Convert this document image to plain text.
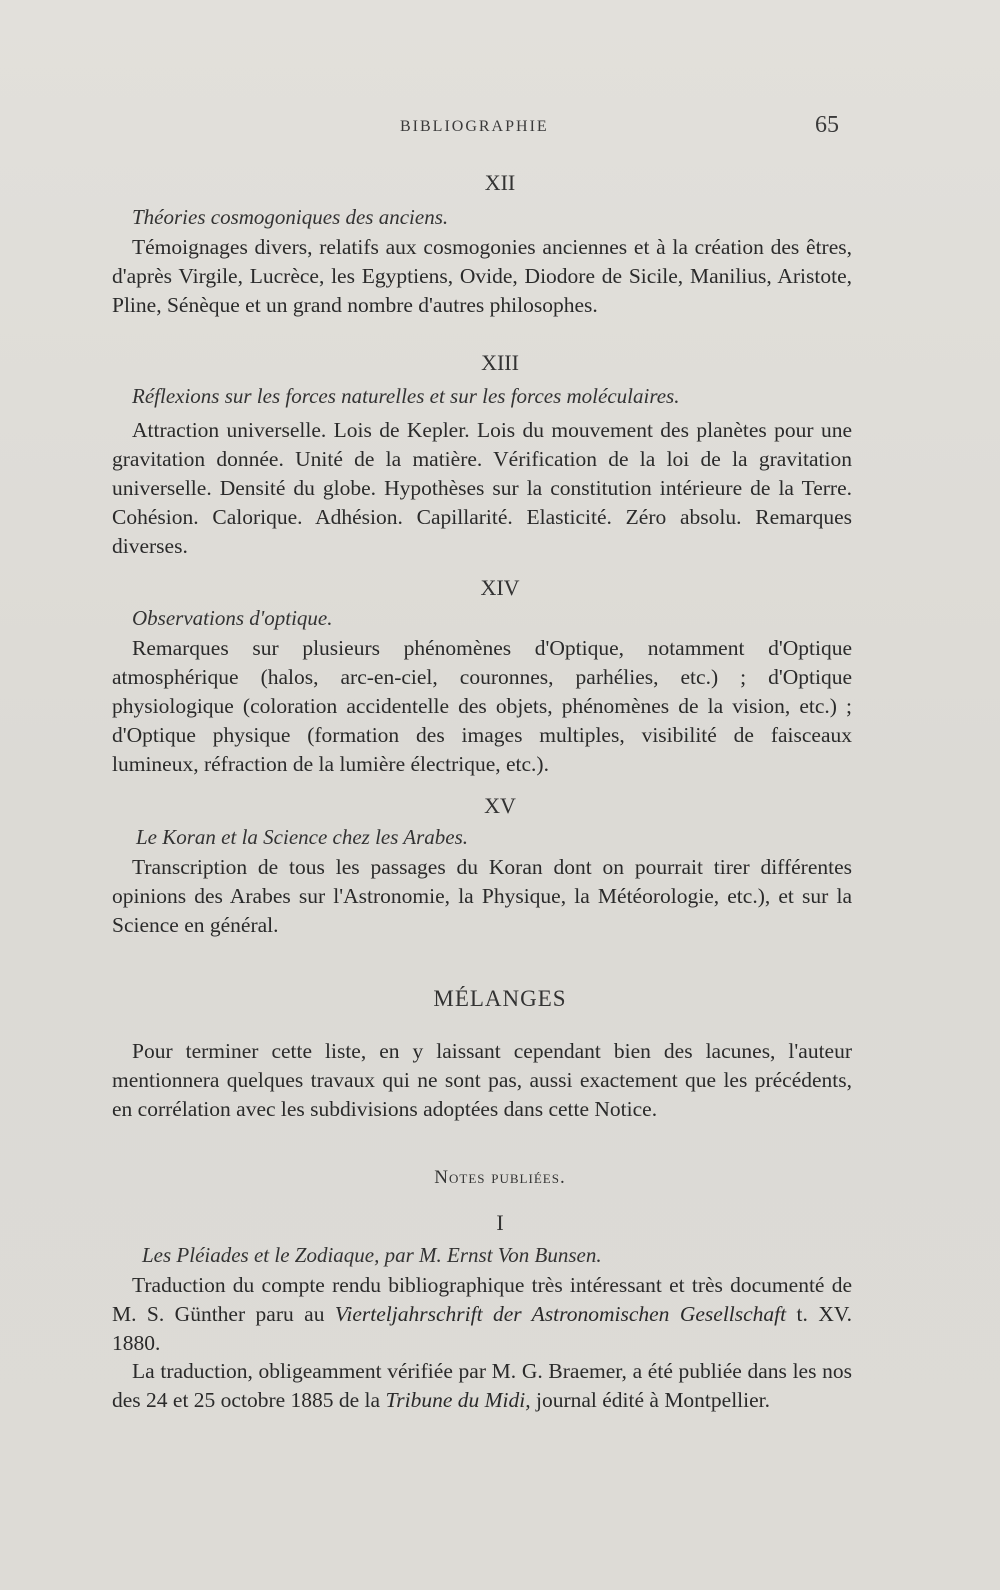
BIBLIOGRAPHIE	65
XII
Théories cosmogoniques des anciens.
Témoignages divers, relatifs aux cosmogonies anciennes et à la création des êtres, d'après Virgile, Lucrèce, les Egyptiens, Ovide, Diodore de Sicile, Manilius, Aristote, Pline, Sénèque et un grand nombre d'autres philosophes.
XIII
Réflexions sur les forces naturelles et sur les forces moléculaires.
Attraction universelle. Lois de Kepler. Lois du mouvement des planètes pour une gravitation donnée. Unité de la matière. Vérification de la loi de la gravitation universelle. Densité du globe. Hypothèses sur la constitution intérieure de la Terre. Cohésion. Calorique. Adhésion. Capillarité. Elasticité. Zéro absolu. Remarques diverses.
XIV
Observations d'optique.
Remarques sur plusieurs phénomènes d'Optique, notamment d'Optique atmosphérique (halos, arc-en-ciel, couronnes, parhélies, etc.) ; d'Optique physiologique (coloration accidentelle des objets, phénomènes de la vision, etc.) ; d'Optique physique (formation des images multiples, visibilité de faisceaux lumineux, réfraction de la lumière électrique, etc.).
XV
Le Koran et la Science chez les Arabes.
Transcription de tous les passages du Koran dont on pourrait tirer différentes opinions des Arabes sur l'Astronomie, la Physique, la Météorologie, etc.), et sur la Science en général.
MÉLANGES
Pour terminer cette liste, en y laissant cependant bien des lacunes, l'auteur mentionnera quelques travaux qui ne sont pas, aussi exactement que les précédents, en corrélation avec les subdivisions adoptées dans cette Notice.
Notes publiées.
I
Les Pléiades et le Zodiaque, par M. Ernst Von Bunsen.
Traduction du compte rendu bibliographique très intéressant et très documenté de M. S. Günther paru au Vierteljahrschrift der Astronomischen Gesellschaft t. XV. 1880.
La traduction, obligeamment vérifiée par M. G. Braemer, a été publiée dans les nos des 24 et 25 octobre 1885 de la Tribune du Midi, journal édité à Montpellier.
